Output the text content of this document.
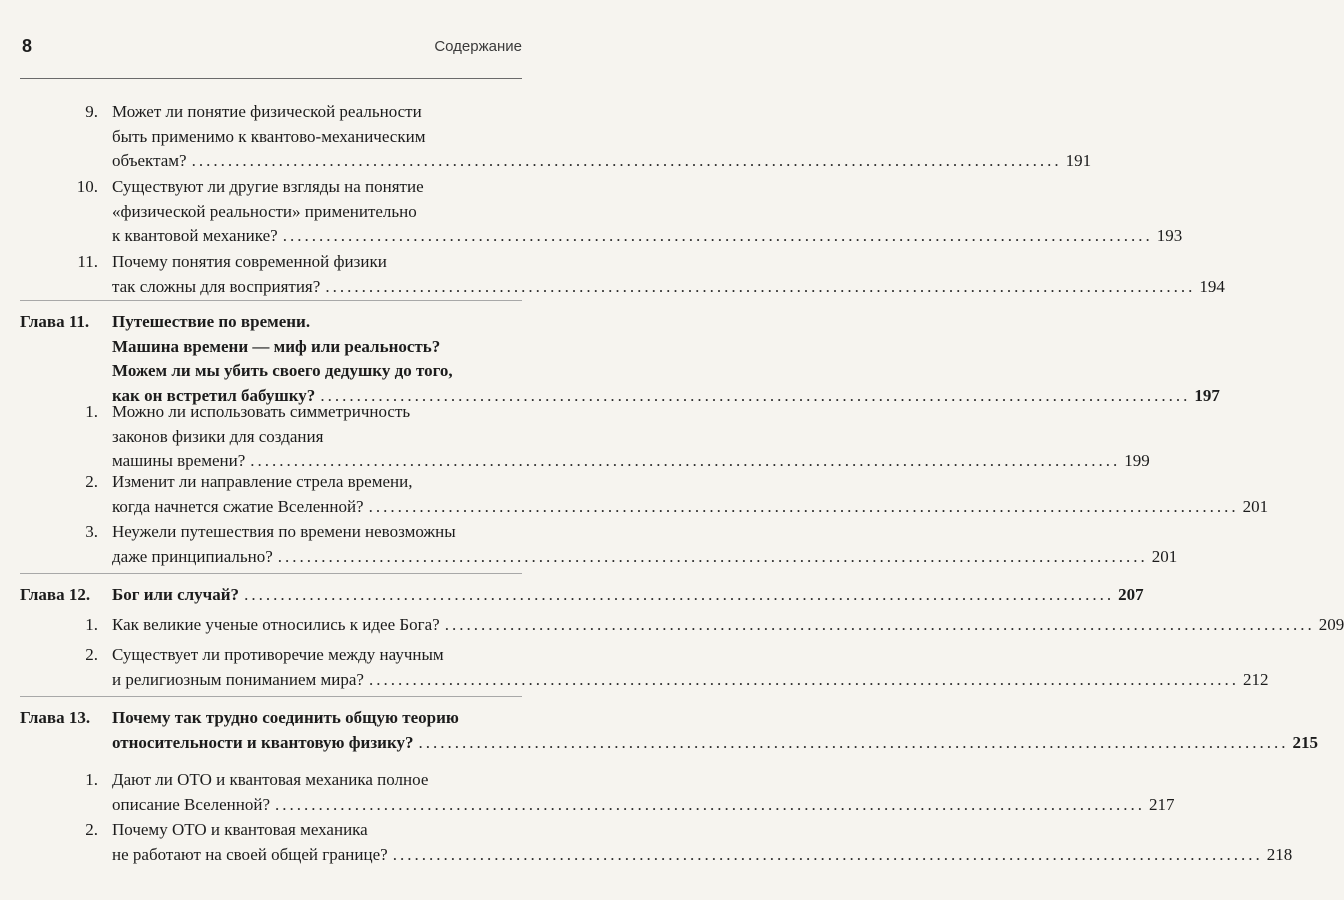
8	Содержание
9. Может ли понятие физической реальности
быть применимо к квантово-механическим
объектам? ........................................................................................................................ 191
10. Существуют ли другие взгляды на понятие
«физической реальности» применительно
к квантовой механике? ........................................................................................................................ 193
11. Почему понятия современной физики
так сложны для восприятия? ........................................................................................................................ 194
Глава 11. Путешествие по времени.
Машина времени — миф или реальность?
Можем ли мы убить своего дедушку до того,
как он встретил бабушку? ........................................................................................................................ 197
1. Можно ли использовать симметричность
законов физики для создания
машины времени? ........................................................................................................................ 199
2. Изменит ли направление стрела времени,
когда начнется сжатие Вселенной? ........................................................................................................................ 201
3. Неужели путешествия по времени невозможны
даже принципиально? ........................................................................................................................ 201
Глава 12. Бог или случай? ........................................................................................................................ 207
1. Как великие ученые относились к идее Бога? ........................................................................................................................ 209
2. Существует ли противоречие между научным
и религиозным пониманием мира? ........................................................................................................................ 212
Глава 13. Почему так трудно соединить общую теорию
относительности и квантовую физику? ........................................................................................................................ 215
1. Дают ли ОТО и квантовая механика полное
описание Вселенной? ........................................................................................................................ 217
2. Почему ОТО и квантовая механика
не работают на своей общей границе? ........................................................................................................................ 218
